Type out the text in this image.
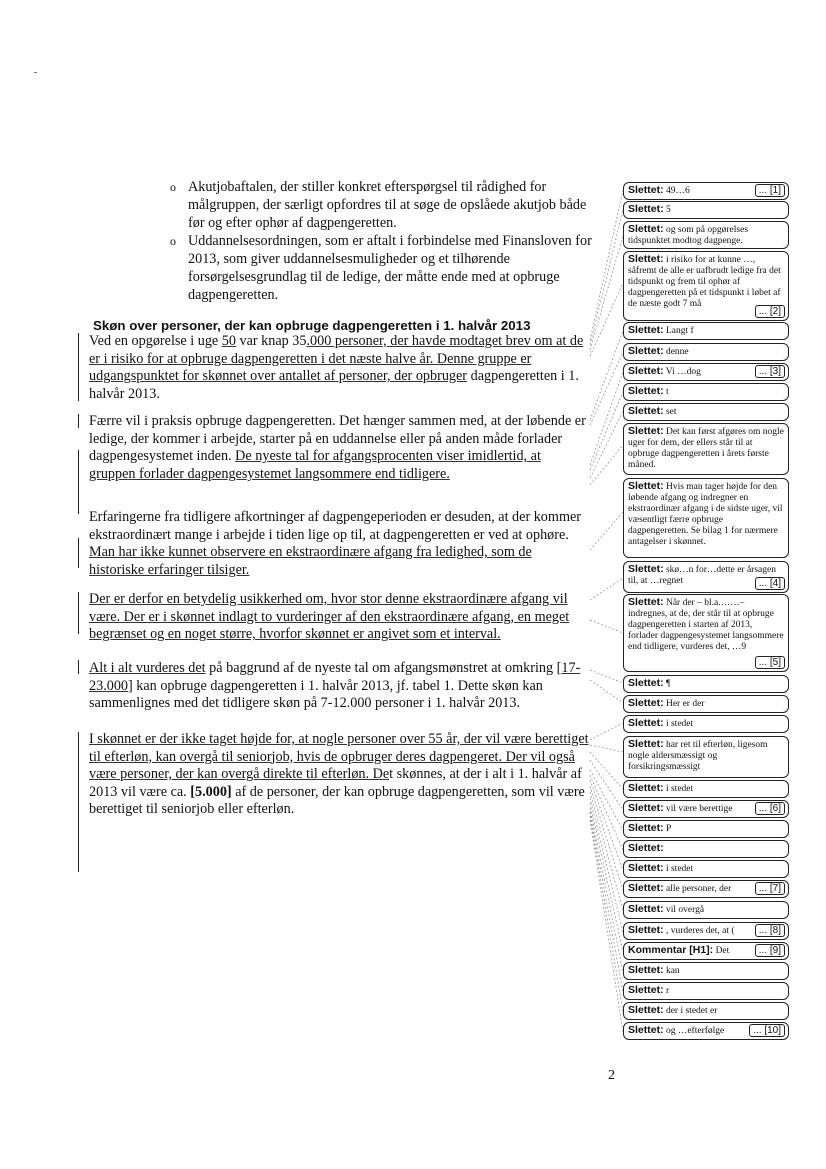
o Akutjobaftalen, der stiller konkret efterspørgsel til rådighed for målgruppen, der særligt opfordres til at søge de opslåede akutjob både før og efter ophør af dagpengeretten.
o Uddannelsesordningen, som er aftalt i forbindelse med Finansloven for 2013, som giver uddannelsesmuligheder og et tilhørende forsørgelsesgrundlag til de ledige, der måtte ende med at opbruge dagpengeretten.
Skøn over personer, der kan opbruge dagpengeretten i 1. halvår 2013

Ved en opgørelse i uge 50 var knap 35.000 personer, der havde modtaget brev om at de er i risiko for at opbruge dagpengeretten i det næste halve år. Denne gruppe er udgangspunktet for skønnet over antallet af personer, der opbruger dagpengeretten i 1. halvår 2013.

Færre vil i praksis opbruge dagpengeretten. Det hænger sammen med, at der løbende er ledige, der kommer i arbejde, starter på en uddannelse eller på anden måde forlader dagpengesystemet inden. De nyeste tal for afgangsprocenten viser imidlertid, at gruppen forlader dagpengesystemet langsommere end tidligere.

Erfaringerne fra tidligere afkortninger af dagpengeperioden er desuden, at der kommer ekstraordinært mange i arbejde i tiden lige op til, at dagpengeretten er ved at ophøre. Man har ikke kunnet observere en ekstraordinære afgang fra ledighed, som de historiske erfaringer tilsiger.

Der er derfor en betydelig usikkerhed om, hvor stor denne ekstraordinære afgang vil være. Der er i skønnet indlagt to vurderinger af den ekstraordinære afgang, en meget begrænset og en noget større, hvorfor skønnet er angivet som et interval.

Alt i alt vurderes det på baggrund af de nyeste tal om afgangsmønstret at omkring [17-23.000] kan opbruge dagpengeretten i 1. halvår 2013, jf. tabel 1. Dette skøn kan sammenlignes med det tidligere skøn på 7-12.000 personer i 1. halvår 2013.

I skønnet er der ikke taget højde for, at nogle personer over 55 år, der vil være berettiget til efterløn, kan overgå til seniorjob, hvis de opbruger deres dagpengeret. Der vil også være personer, der kan overgå direkte til efterløn. Det skønnes, at der i alt i 1. halvår af 2013 vil være ca. [5.000] af de personer, der kan opbruge dagpengeretten, som vil være berettiget til seniorjob eller efterløn.

Slettet: 49…6	... [1]
Slettet: 5
Slettet: og som på opgørelses tidspunktet modtog dagpenge.
Slettet: i risiko for at kunne …, såfremt de alle er uafbrudt ledige fra det tidspunkt og frem til ophør af dagpengeretten på et tidspunkt i løbet af de næste godt 7 må
... [2]
Slettet: Langt f
Slettet: denne
Slettet: Vi …dog	... [3]
Slettet: t
Slettet: set
Slettet: Det kan først afgøres om nogle uger for dem, der ellers står til at opbruge dagpengeretten i årets første måned.
Slettet: Hvis man tager højde for den løbende afgang og indregner en ekstraordinær afgang i de sidste uger, vil væsentligt færre opbruge dagpengeretten. Se bilag 1 for nærmere antagelser i skønnet.
Slettet: skø…n for…dette er årsagen til, at …regnet	... [4]
Slettet: Når der – bl.a.……– indregnes, at de, der står til at opbruge dagpengeretten i starten af 2013, forlader dagpengesystemet langsommere end tidligere, vurderes det, …9
... [5]
Slettet: ¶
Slettet: Her er der
Slettet: i stedet
Slettet: har ret til efterløn, ligesom nogle aldersmæssigt og forsikringsmæssigt
Slettet: i stedet
Slettet: vil være berettige	... [6]
Slettet: P
Slettet:
Slettet: i stedet
Slettet: alle personer, der	... [7]
Slettet: vil overgå
Slettet: , vurderes det, at (	... [8]
Kommentar [H1]: Det	... [9]
Slettet: kan
Slettet: r
Slettet: der i stedet er
Slettet: og …efterfølge	... [10]
2
